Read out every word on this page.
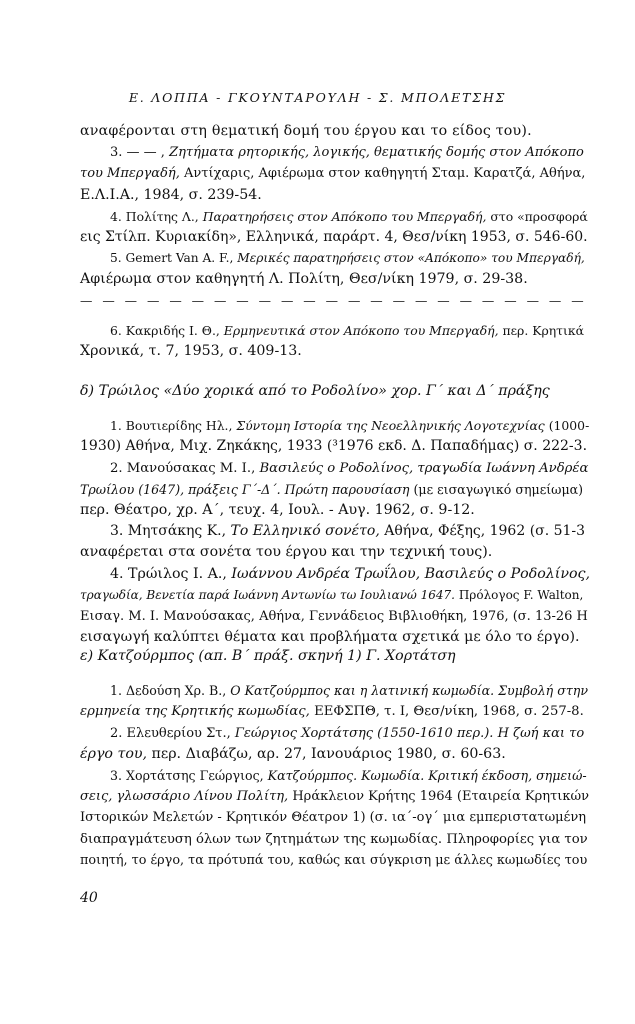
Ε. ΛΟΠΠΑ - ΓΚΟΥΝΤΑΡΟΥΛΗ - Σ. ΜΠΟΛΕΤΣΗΣ
αναφέρονται στη θεματική δομή του έργου και το είδος του).
3. — — , Ζητήματα ρητορικής, λογικής, θεματικής δομής στον Απόκοπο
του Μπεργαδή, Αντίχαρις, Αφιέρωμα στον καθηγητή Σταμ. Καρατζά, Αθήνα,
Ε.Λ.Ι.Α., 1984, σ. 239-54.
4. Πολίτης Λ., Παρατηρήσεις στον Απόκοπο του Μπεργαδή, στο «προσφορά
εις Στίλπ. Κυριακίδη», Ελληνικά, παράρτ. 4, Θεσ/νίκη 1953, σ. 546-60.
5. Gemert Van A. F., Μερικές παρατηρήσεις στον «Απόκοπο» του Μπεργαδή,
Αφιέρωμα στον καθηγητή Λ. Πολίτη, Θεσ/νίκη 1979, σ. 29-38.
— — — — — — — — — — — — — — — — — — — — — — —
6. Κακριδής Ι. Θ., Ερμηνευτικά στον Απόκοπο του Μπεργαδή, περ. Κρητικά
Χρονικά, τ. 7, 1953, σ. 409-13.
δ) Τρώιλος «Δύο χορικά από το Ροδολίνο» χορ. Γ΄ και Δ΄ πράξης
1. Βουτιερίδης Ηλ., Σύντομη Ιστορία της Νεοελληνικής Λογοτεχνίας (1000-
1930) Αθήνα, Μιχ. Ζηκάκης, 1933 (³1976 εκδ. Δ. Παπαδήμας) σ. 222-3.
2. Μανούσακας Μ. Ι., Βασιλεύς ο Ροδολίνος, τραγωδία Ιωάννη Ανδρέα
Τρωίλου (1647), πράξεις Γ΄-Δ΄. Πρώτη παρουσίαση (με εισαγωγικό σημείωμα)
περ. Θέατρο, χρ. Α΄, τευχ. 4, Ιουλ. - Αυγ. 1962, σ. 9-12.
3. Μητσάκης Κ., Το Ελληνικό σονέτο, Αθήνα, Φέξης, 1962 (σ. 51-3
αναφέρεται στα σονέτα του έργου και την τεχνική τους).
4. Τρώιλος Ι. Α., Ιωάννου Ανδρέα Τρωΐλου, Βασιλεύς ο Ροδολίνος,
τραγωδία, Βενετία παρά Ιωάννη Αντωνίω τω Ιουλιανώ 1647. Πρόλογος F. Walton,
Εισαγ. Μ. Ι. Μανούσακας, Αθήνα, Γεννάδειος Βιβλιοθήκη, 1976, (σ. 13-26 Η
εισαγωγή καλύπτει θέματα και προβλήματα σχετικά με όλο το έργο).
ε) Κατζούρμπος (απ. Β΄ πράξ. σκηνή 1) Γ. Χορτάτση
1. Δεδούση Χρ. Β., Ο Κατζούρμπος και η λατινική κωμωδία. Συμβολή στην
ερμηνεία της Κρητικής κωμωδίας, ΕΕΦΣΠΘ, τ. Ι, Θεσ/νίκη, 1968, σ. 257-8.
2. Ελευθερίου Στ., Γεώργιος Χορτάτσης (1550-1610 περ.). Η ζωή και το
έργο του, περ. Διαβάζω, αρ. 27, Ιανουάριος 1980, σ. 60-63.
3. Χορτάτσης Γεώργιος, Κατζούρμπος. Κωμωδία. Κριτική έκδοση, σημειώ-
σεις, γλωσσάριο Λίνου Πολίτη, Ηράκλειον Κρήτης 1964 (Εταιρεία Κρητικών
Ιστορικών Μελετών - Κρητικόν Θέατρον 1) (σ. ια΄-ογ΄ μια εμπεριστατωμένη
διαπραγμάτευση όλων των ζητημάτων της κωμωδίας. Πληροφορίες για τον
ποιητή, το έργο, τα πρότυπά του, καθώς και σύγκριση με άλλες κωμωδίες του
40
